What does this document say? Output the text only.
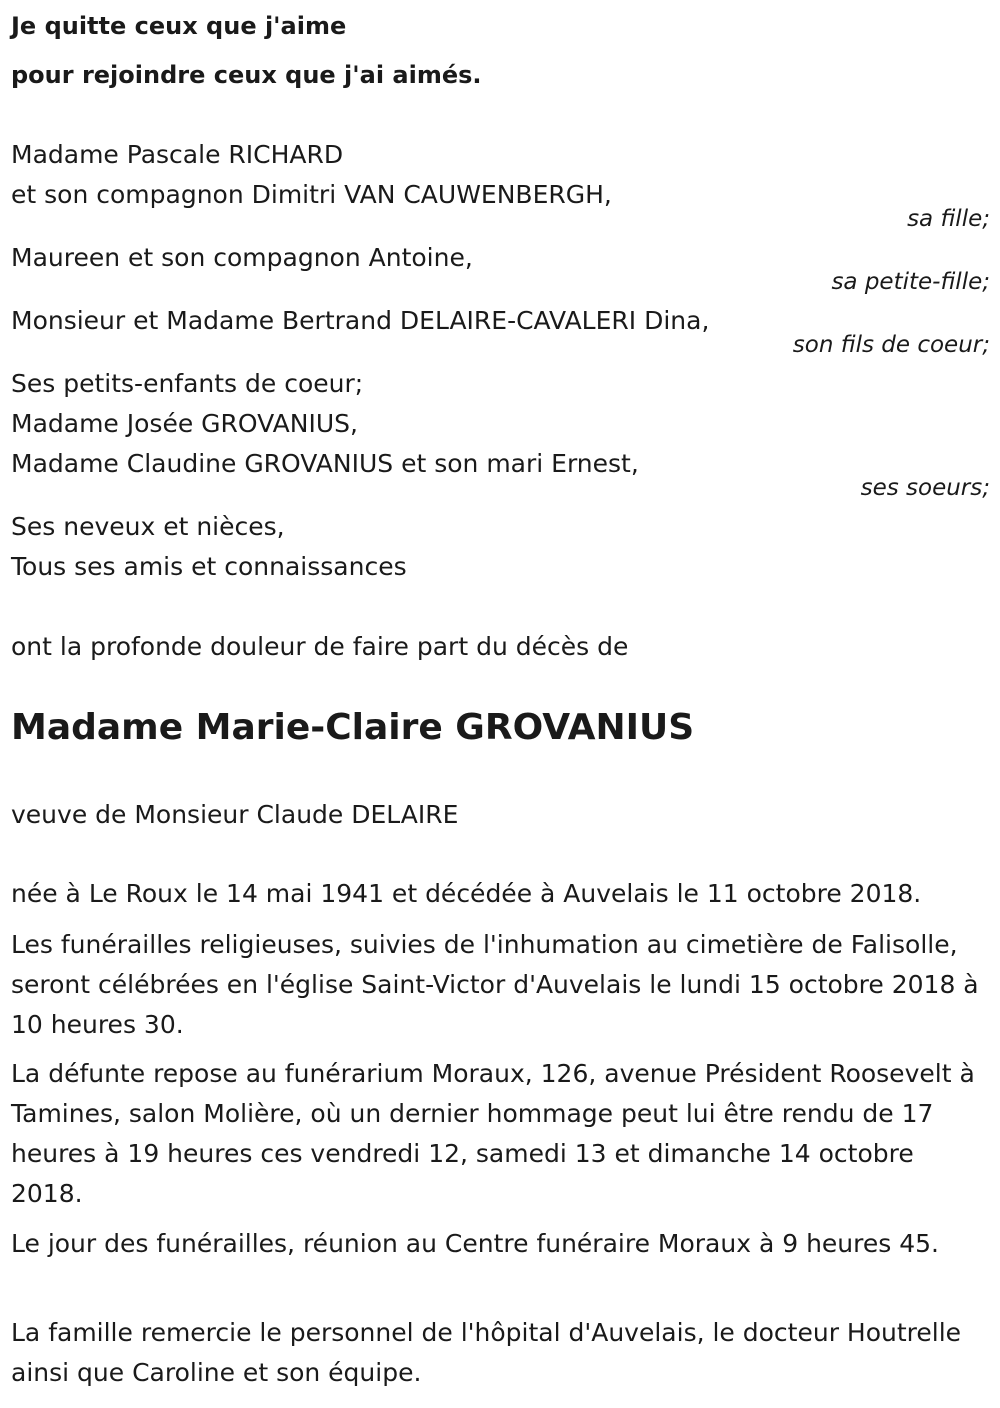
Je quitte ceux que j'aime
pour rejoindre ceux que j'ai aimés.
Madame Pascale RICHARD
et son compagnon Dimitri VAN CAUWENBERGH,
sa fille;
Maureen et son compagnon Antoine,
sa petite-fille;
Monsieur et Madame Bertrand DELAIRE-CAVALERI Dina,
son fils de coeur;
Ses petits-enfants de coeur;
Madame Josée GROVANIUS,
Madame Claudine GROVANIUS et son mari Ernest,
ses soeurs;
Ses neveux et nièces,
Tous ses amis et connaissances
ont la profonde douleur de faire part du décès de
Madame Marie-Claire GROVANIUS
veuve de Monsieur Claude DELAIRE
née à Le Roux le 14 mai 1941 et décédée à Auvelais le 11 octobre 2018.
Les funérailles religieuses, suivies de l'inhumation au cimetière de Falisolle, seront célébrées en l'église Saint-Victor d'Auvelais le lundi 15 octobre 2018 à 10 heures 30.
La défunte repose au funérarium Moraux, 126, avenue Président Roosevelt à Tamines, salon Molière, où un dernier hommage peut lui être rendu de 17 heures à 19 heures ces vendredi 12, samedi 13 et dimanche 14 octobre 2018.
Le jour des funérailles, réunion au Centre funéraire Moraux à 9 heures 45.
La famille remercie le personnel de l'hôpital d'Auvelais, le docteur Houtrelle ainsi que Caroline et son équipe.
